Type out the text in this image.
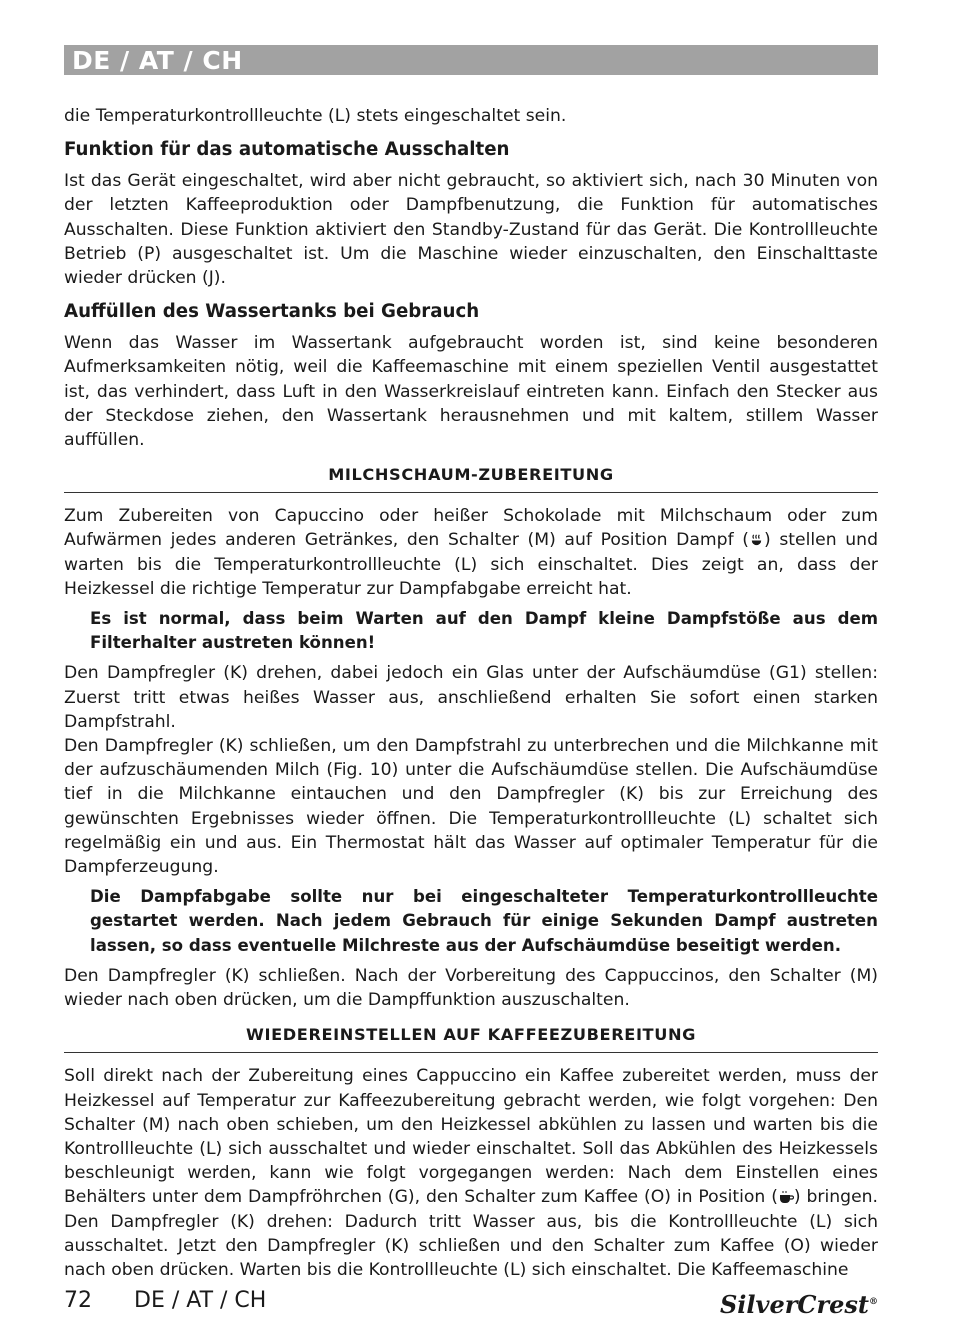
DE / AT / CH

die Temperaturkontrollleuchte (L) stets eingeschaltet sein.

Funktion für das automatische Ausschalten

Ist das Gerät eingeschaltet, wird aber nicht gebraucht, so aktiviert sich, nach 30 Minuten von der letzten Kaffeeproduktion oder Dampfbenutzung, die Funktion für automatisches Ausschalten. Diese Funktion aktiviert den Standby-Zustand für das Gerät. Die Kontrollleuchte Betrieb (P) ausgeschaltet ist. Um die Maschine wieder einzuschalten, den Einschalttaste wieder drücken (J).

Auffüllen des Wassertanks bei Gebrauch

Wenn das Wasser im Wassertank aufgebraucht worden ist, sind keine besonderen Aufmerksamkeiten nötig, weil die Kaffeemaschine mit einem speziellen Ventil ausgestattet ist, das verhindert, dass Luft in den Wasserkreislauf eintreten kann. Einfach den Stecker aus der Steckdose ziehen, den Wassertank herausnehmen und mit kaltem, stillem Wasser auffüllen.

MILCHSCHAUM-ZUBEREITUNG

Zum Zubereiten von Capuccino oder heißer Schokolade mit Milchschaum oder zum Aufwärmen jedes anderen Getränkes, den Schalter (M) auf Position Dampf ( ) stellen und warten bis die Temperaturkontrollleuchte (L) sich einschaltet. Dies zeigt an, dass der Heizkessel die richtige Temperatur zur Dampfabgabe erreicht hat.

Es ist normal, dass beim Warten auf den Dampf kleine Dampfstöße aus dem Filterhalter austreten können!

Den Dampfregler (K) drehen, dabei jedoch ein Glas unter der Aufschäumdüse (G1) stellen: Zuerst tritt etwas heißes Wasser aus, anschließend erhalten Sie sofort einen starken Dampfstrahl.

Den Dampfregler (K) schließen, um den Dampfstrahl zu unterbrechen und die Milchkanne mit der aufzuschäumenden Milch (Fig. 10) unter die Aufschäumdüse stellen. Die Aufschäumdüse tief in die Milchkanne eintauchen und den Dampfregler (K) bis zur Erreichung des gewünschten Ergebnisses wieder öffnen. Die Temperaturkontrollleuchte (L) schaltet sich regelmäßig ein und aus. Ein Thermostat hält das Wasser auf optimaler Temperatur für die Dampferzeugung.

Die Dampfabgabe sollte nur bei eingeschalteter Temperaturkontrollleuchte gestartet werden. Nach jedem Gebrauch für einige Sekunden Dampf austreten lassen, so dass eventuelle Milchreste aus der Aufschäumdüse beseitigt werden.

Den Dampfregler (K) schließen. Nach der Vorbereitung des Cappuccinos, den Schalter (M) wieder nach oben drücken, um die Dampffunktion auszuschalten.

WIEDEREINSTELLEN AUF KAFFEEZUBEREITUNG

Soll direkt nach der Zubereitung eines Cappuccino ein Kaffee zubereitet werden, muss der Heizkessel auf Temperatur zur Kaffeezubereitung gebracht werden, wie folgt vorgehen: Den Schalter (M) nach oben schieben, um den Heizkessel abkühlen zu lassen und warten bis die Kontrollleuchte (L) sich ausschaltet und wieder einschaltet. Soll das Abkühlen des Heizkessels beschleunigt werden, kann wie folgt vorgegangen werden: Nach dem Einstellen eines Behälters unter dem Dampfröhrchen (G), den Schalter zum Kaffee (O) in Position ( ) bringen. Den Dampfregler (K) drehen: Dadurch tritt Wasser aus, bis die Kontrollleuchte (L) sich ausschaltet. Jetzt den Dampfregler (K) schließen und den Schalter zum Kaffee (O) wieder nach oben drücken. Warten bis die Kontrollleuchte (L) sich einschaltet. Die Kaffeemaschine

72 DE / AT / CH	SilverCrest®
